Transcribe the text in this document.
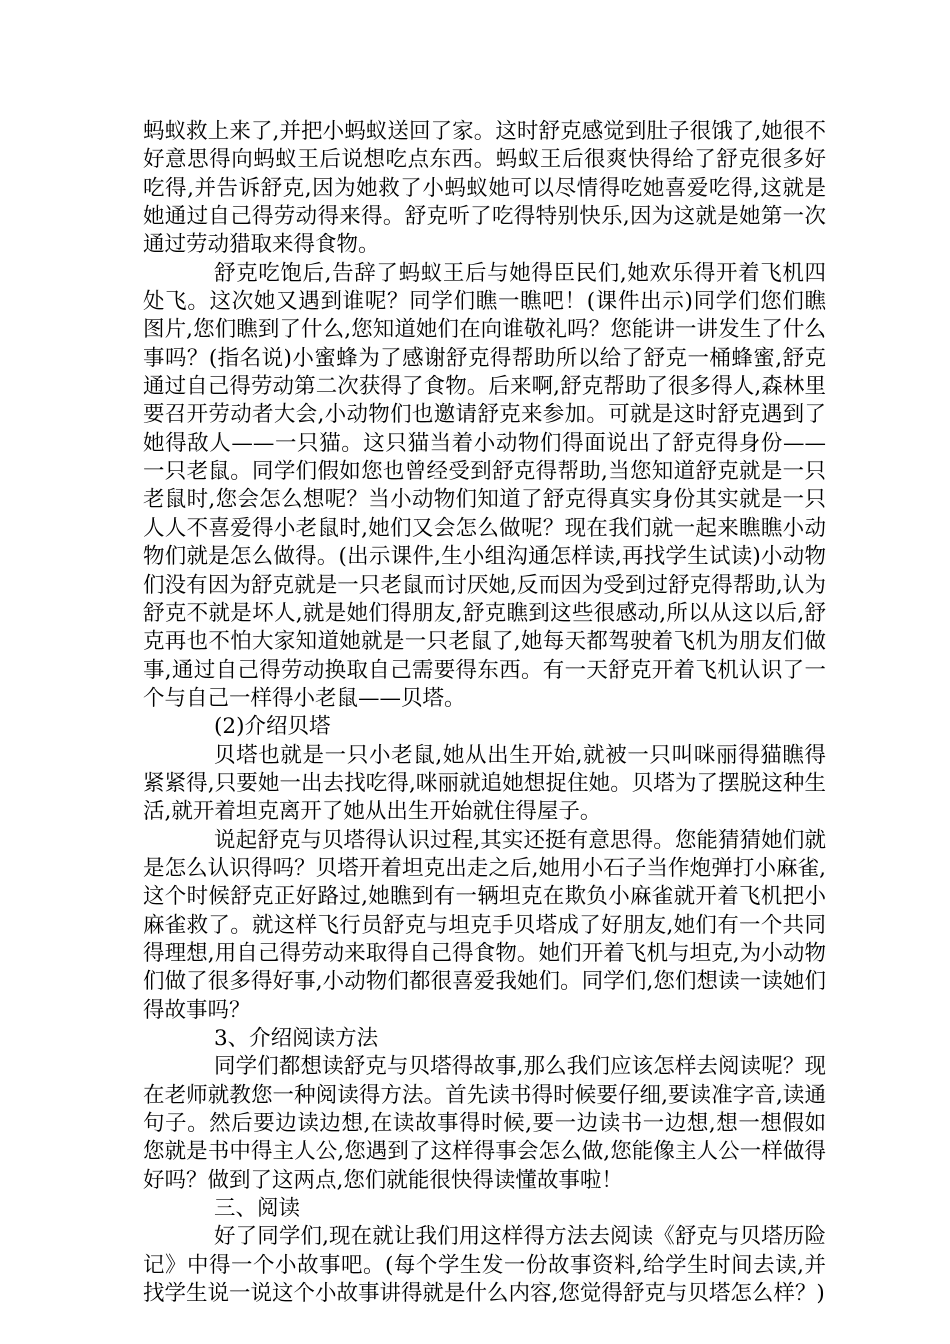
蚂蚁救上来了,并把小蚂蚁送回了家。这时舒克感觉到肚子很饿了,她很不好意思得向蚂蚁王后说想吃点东西。蚂蚁王后很爽快得给了舒克很多好吃得,并告诉舒克,因为她救了小蚂蚁她可以尽情得吃她喜爱吃得,这就是她通过自己得劳动得来得。舒克听了吃得特别快乐,因为这就是她第一次通过劳动猎取来得食物。

舒克吃饱后,告辞了蚂蚁王后与她得臣民们,她欢乐得开着飞机四处飞。这次她又遇到谁呢？同学们瞧一瞧吧！(课件出示)同学们您们瞧图片,您们瞧到了什么,您知道她们在向谁敬礼吗？您能讲一讲发生了什么事吗？(指名说)小蜜蜂为了感谢舒克得帮助所以给了舒克一桶蜂蜜,舒克通过自己得劳动第二次获得了食物。后来啊,舒克帮助了很多得人,森林里要召开劳动者大会,小动物们也邀请舒克来参加。可就是这时舒克遇到了她得敌人——一只猫。这只猫当着小动物们得面说出了舒克得身份——一只老鼠。同学们假如您也曾经受到舒克得帮助,当您知道舒克就是一只老鼠时,您会怎么想呢？当小动物们知道了舒克得真实身份其实就是一只人人不喜爱得小老鼠时,她们又会怎么做呢？现在我们就一起来瞧瞧小动物们就是怎么做得。(出示课件,生小组沟通怎样读,再找学生试读)小动物们没有因为舒克就是一只老鼠而讨厌她,反而因为受到过舒克得帮助,认为舒克不就是坏人,就是她们得朋友,舒克瞧到这些很感动,所以从这以后,舒克再也不怕大家知道她就是一只老鼠了,她每天都驾驶着飞机为朋友们做事,通过自己得劳动换取自己需要得东西。有一天舒克开着飞机认识了一个与自己一样得小老鼠——贝塔。

(2)介绍贝塔

贝塔也就是一只小老鼠,她从出生开始,就被一只叫咪丽得猫瞧得紧紧得,只要她一出去找吃得,咪丽就追她想捉住她。贝塔为了摆脱这种生活,就开着坦克离开了她从出生开始就住得屋子。

说起舒克与贝塔得认识过程,其实还挺有意思得。您能猜猜她们就是怎么认识得吗？贝塔开着坦克出走之后,她用小石子当作炮弹打小麻雀,这个时候舒克正好路过,她瞧到有一辆坦克在欺负小麻雀就开着飞机把小麻雀救了。就这样飞行员舒克与坦克手贝塔成了好朋友,她们有一个共同得理想,用自己得劳动来取得自己得食物。她们开着飞机与坦克,为小动物们做了很多得好事,小动物们都很喜爱我她们。同学们,您们想读一读她们得故事吗？

3、介绍阅读方法

同学们都想读舒克与贝塔得故事,那么我们应该怎样去阅读呢？现在老师就教您一种阅读得方法。首先读书得时候要仔细,要读准字音,读通句子。然后要边读边想,在读故事得时候,要一边读书一边想,想一想假如您就是书中得主人公,您遇到了这样得事会怎么做,您能像主人公一样做得好吗？做到了这两点,您们就能很快得读懂故事啦！

三、阅读

好了同学们,现在就让我们用这样得方法去阅读《舒克与贝塔历险记》中得一个小故事吧。(每个学生发一份故事资料,给学生时间去读,并找学生说一说这个小故事讲得就是什么内容,您觉得舒克与贝塔怎么样？)
